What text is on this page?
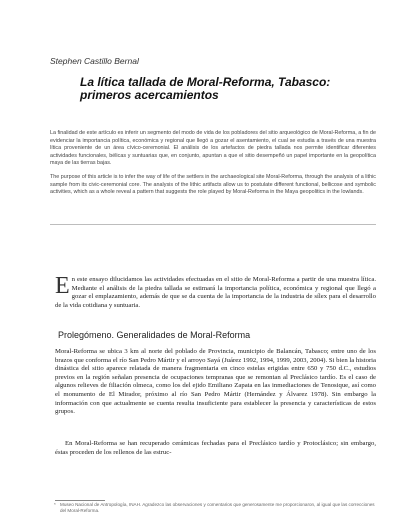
Stephen Castillo Bernal
La lítica tallada de Moral-Reforma, Tabasco:
primeros acercamientos

La finalidad de este artículo es inferir un segmento del modo de vida de los pobladores del sitio arqueológico de Moral-Reforma, a fin de evidenciar la importancia política, económica y regional que llegó a gozar el asentamiento, el cual se estudia a través de una muestra lítica proveniente de un área cívico-ceremonial. El análisis de los artefactos de piedra tallada nos permite identificar diferentes actividades funcionales, bélicas y suntuarias que, en conjunto, apuntan a que el sitio desempeñó un papel importante en la geopolítica maya de las tierras bajas.

The purpose of this article is to infer the way of life of the settlers in the archaeological site Moral-Reforma, through the analysis of a lithic sample from its civic-ceremonial core. The analysis of the lithic artifacts allow us to postulate different functional, bellicose and symbolic activities, which as a whole reveal a pattern that suggests the role played by Moral-Reforma in the Maya geopolitics in the lowlands.

En este ensayo dilucidamos las actividades efectuadas en el sitio de Moral-Reforma a partir de una muestra lítica. Mediante el análisis de la piedra tallada se estimará la importancia política, económica y regional que llegó a gozar el emplazamiento, además de que se da cuenta de la importancia de la industria de sílex para el desarrollo de la vida cotidiana y suntuaria.

Prolegómeno. Generalidades de Moral-Reforma

Moral-Reforma se ubica 3 km al norte del poblado de Provincia, municipio de Balancán, Tabasco; entre uno de los brazos que conforma el río San Pedro Mártir y el arroyo Sayá (Juárez 1992, 1994, 1999, 2003, 2004). Si bien la historia dinástica del sitio aparece relatada de manera fragmentaria en cinco estelas erigidas entre 650 y 750 d.C., estudios previos en la región señalan presencia de ocupaciones tempranas que se remontan al Preclásico tardío. Es el caso de algunos relieves de filiación olmeca, como los del ejido Emiliano Zapata en las inmediaciones de Tenosique, así como el monumento de El Mirador, próximo al río San Pedro Mártir (Hernández y Álvarez 1978). Sin embargo la información con que actualmente se cuenta resulta insuficiente para establecer la presencia y características de estos grupos.

En Moral-Reforma se han recuperado cerámicas fechadas para el Preclásico tardío y Protoclásico; sin embargo, éstas proceden de los rellenos de las estruc-

* Museo Nacional de Antropología, INAH. Agradezco las observaciones y comentarios que generosamente me proporcionaron, al igual que las correcciones del Moral-Reforma.
